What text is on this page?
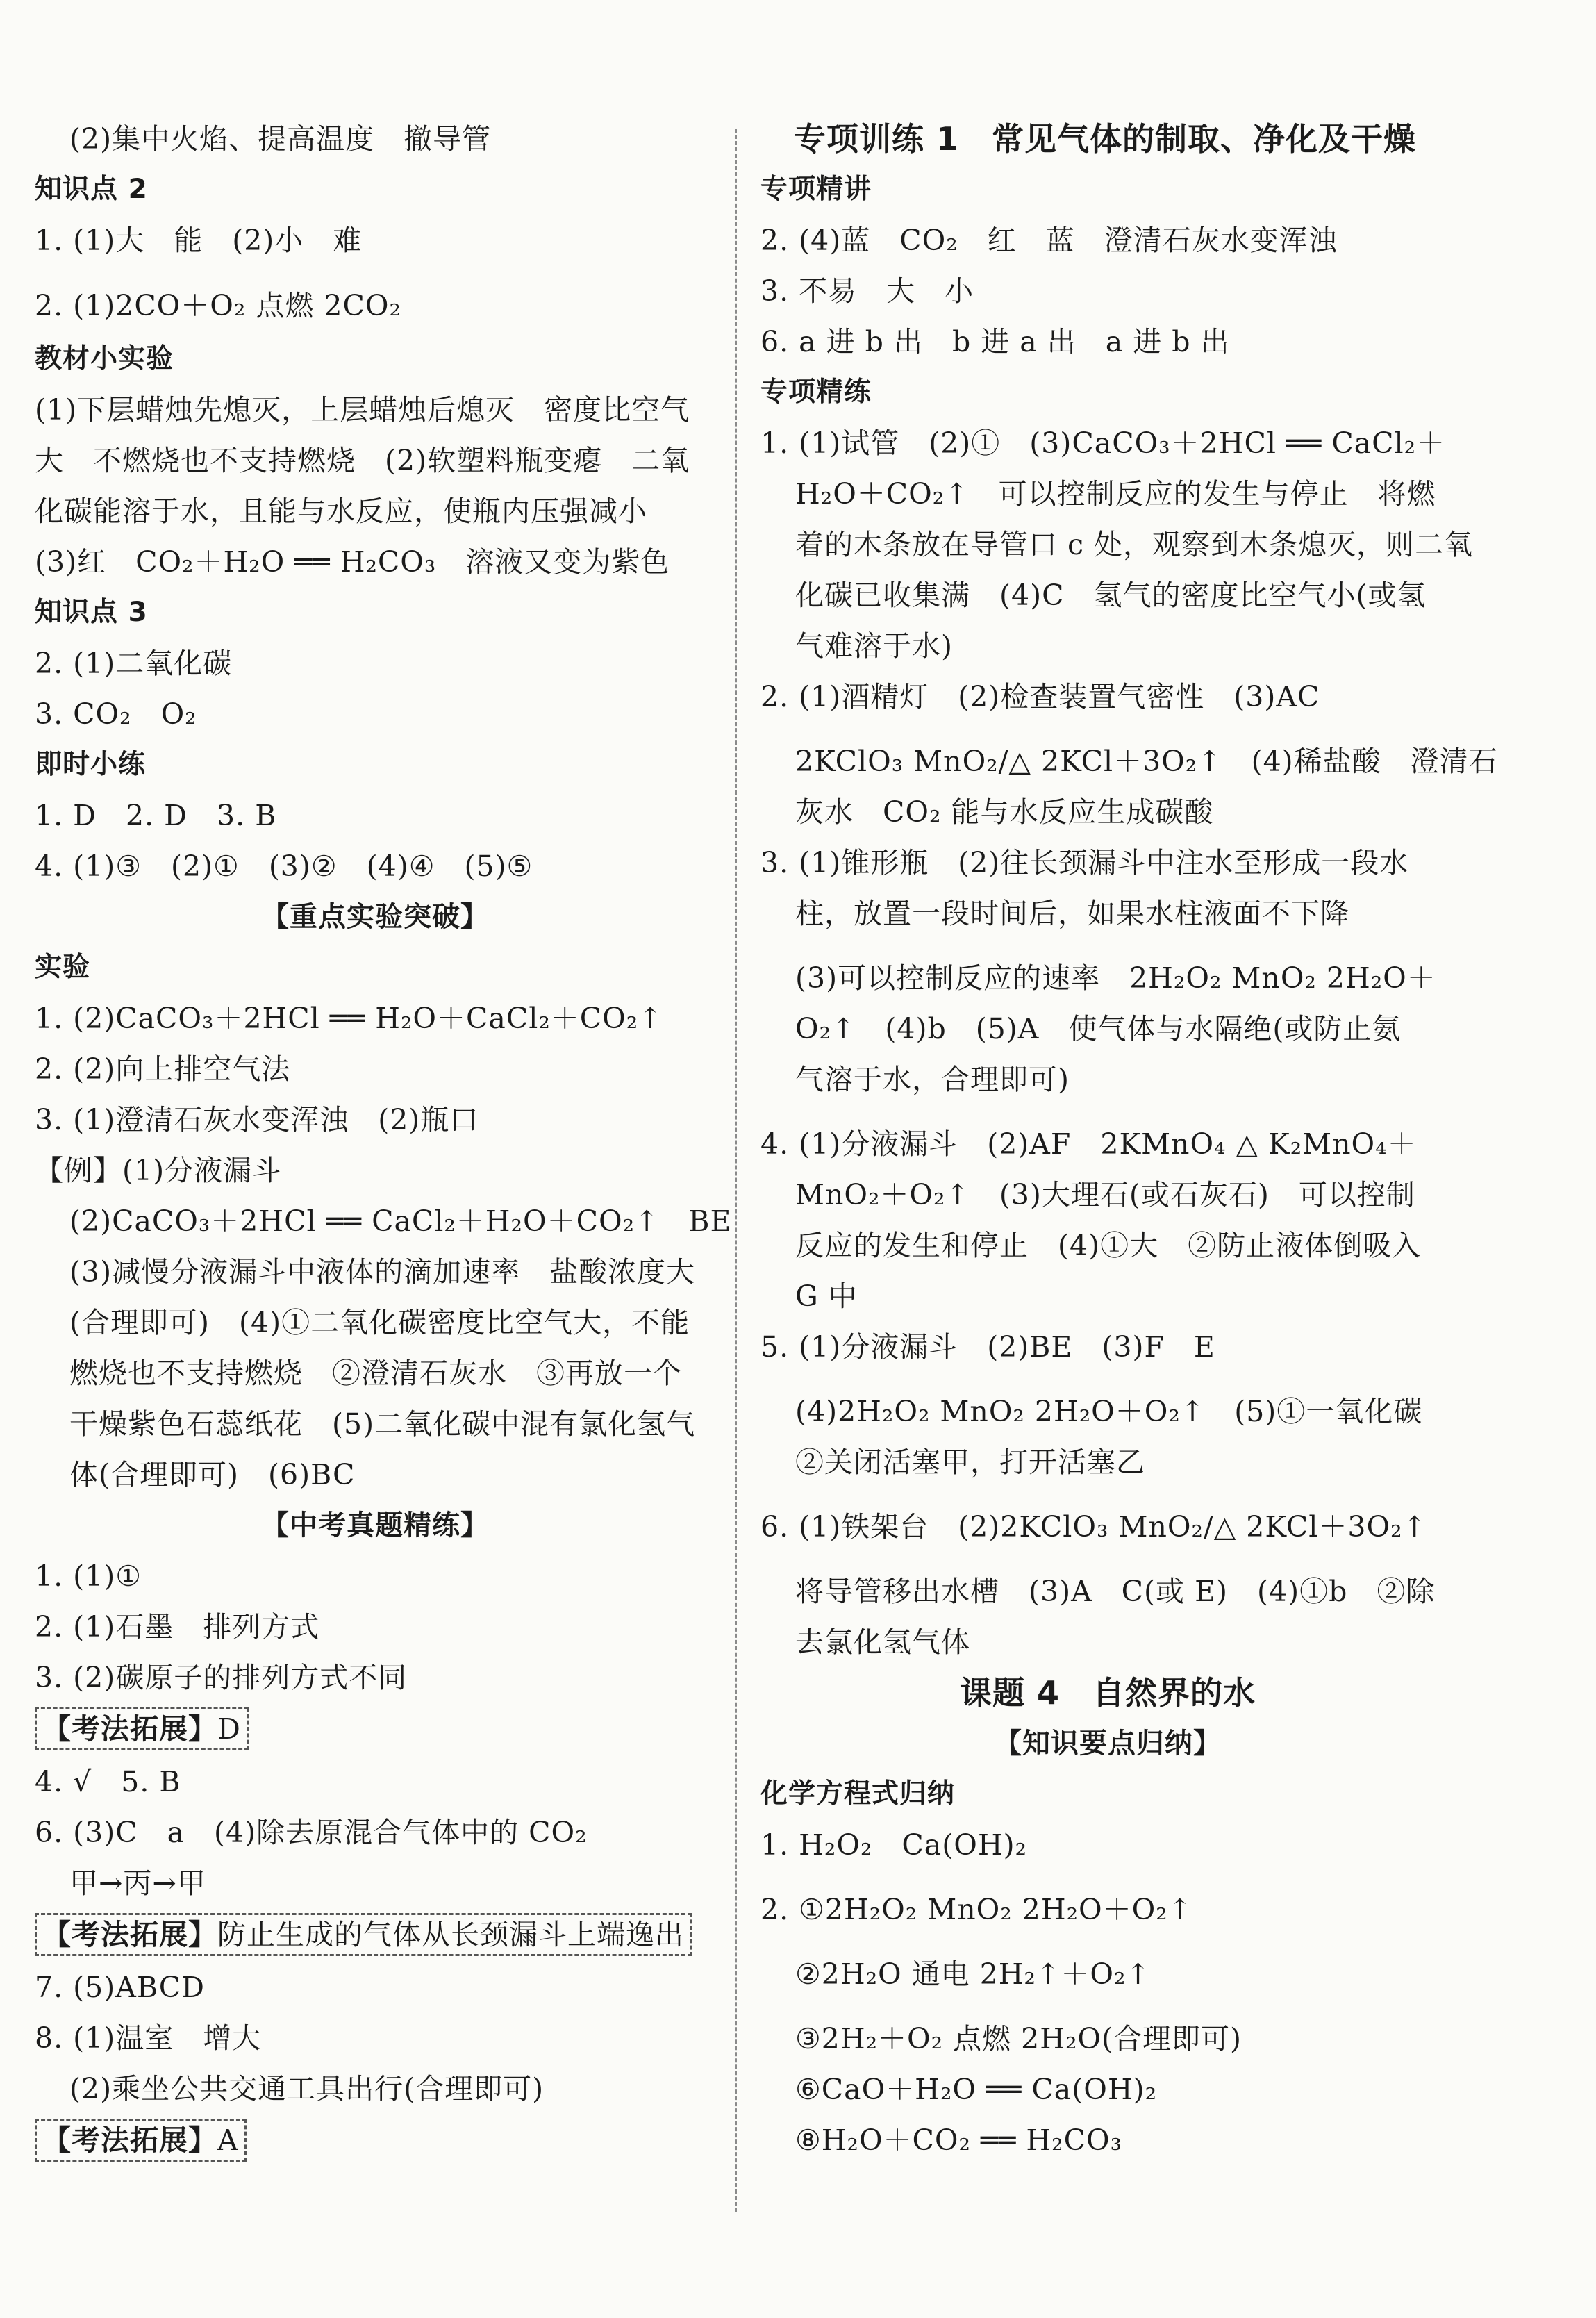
(2)集中火焰、提高温度　撤导管
知识点 2
1. (1)大　能　(2)小　难
2. (1)2CO＋O₂ 点燃 2CO₂
教材小实验
(1)下层蜡烛先熄灭，上层蜡烛后熄灭　密度比空气
大　不燃烧也不支持燃烧　(2)软塑料瓶变瘪　二氧
化碳能溶于水，且能与水反应，使瓶内压强减小
(3)红　CO₂＋H₂O ══ H₂CO₃　溶液又变为紫色
知识点 3
2. (1)二氧化碳
3. CO₂　O₂
即时小练
1. D　2. D　3. B
4. (1)③　(2)①　(3)②　(4)④　(5)⑤
【重点实验突破】
实验
1. (2)CaCO₃＋2HCl ══ H₂O＋CaCl₂＋CO₂↑
2. (2)向上排空气法
3. (1)澄清石灰水变浑浊　(2)瓶口
【例】(1)分液漏斗
(2)CaCO₃＋2HCl ══ CaCl₂＋H₂O＋CO₂↑　BE
(3)减慢分液漏斗中液体的滴加速率　盐酸浓度大
(合理即可)　(4)①二氧化碳密度比空气大，不能
燃烧也不支持燃烧　②澄清石灰水　③再放一个
干燥紫色石蕊纸花　(5)二氧化碳中混有氯化氢气
体(合理即可)　(6)BC
【中考真题精练】
1. (1)①
2. (1)石墨　排列方式
3. (2)碳原子的排列方式不同
【考法拓展】D
4. √　5. B
6. (3)C　a　(4)除去原混合气体中的 CO₂
甲→丙→甲
【考法拓展】防止生成的气体从长颈漏斗上端逸出
7. (5)ABCD
8. (1)温室　增大
(2)乘坐公共交通工具出行(合理即可)
【考法拓展】A
专项训练 1　常见气体的制取、净化及干燥
专项精讲
2. (4)蓝　CO₂　红　蓝　澄清石灰水变浑浊
3. 不易　大　小
6. a 进 b 出　b 进 a 出　a 进 b 出
专项精练
1. (1)试管　(2)①　(3)CaCO₃＋2HCl ══ CaCl₂＋
H₂O＋CO₂↑　可以控制反应的发生与停止　将燃
着的木条放在导管口 c 处，观察到木条熄灭，则二氧
化碳已收集满　(4)C　氢气的密度比空气小(或氢
气难溶于水)
2. (1)酒精灯　(2)检查装置气密性　(3)AC
2KClO₃ MnO₂/△ 2KCl＋3O₂↑　(4)稀盐酸　澄清石
灰水　CO₂ 能与水反应生成碳酸
3. (1)锥形瓶　(2)往长颈漏斗中注水至形成一段水
柱，放置一段时间后，如果水柱液面不下降
(3)可以控制反应的速率　2H₂O₂ MnO₂ 2H₂O＋
O₂↑　(4)b　(5)A　使气体与水隔绝(或防止氨
气溶于水，合理即可)
4. (1)分液漏斗　(2)AF　2KMnO₄ △ K₂MnO₄＋
MnO₂＋O₂↑　(3)大理石(或石灰石)　可以控制
反应的发生和停止　(4)①大　②防止液体倒吸入
G 中
5. (1)分液漏斗　(2)BE　(3)F　E
(4)2H₂O₂ MnO₂ 2H₂O＋O₂↑　(5)①一氧化碳
②关闭活塞甲，打开活塞乙
6. (1)铁架台　(2)2KClO₃ MnO₂/△ 2KCl＋3O₂↑
将导管移出水槽　(3)A　C(或 E)　(4)①b　②除
去氯化氢气体
课题 4　自然界的水
【知识要点归纳】
化学方程式归纳
1. H₂O₂　Ca(OH)₂
2. ①2H₂O₂ MnO₂ 2H₂O＋O₂↑
②2H₂O 通电 2H₂↑＋O₂↑
③2H₂＋O₂ 点燃 2H₂O(合理即可)
⑥CaO＋H₂O ══ Ca(OH)₂
⑧H₂O＋CO₂ ══ H₂CO₃
